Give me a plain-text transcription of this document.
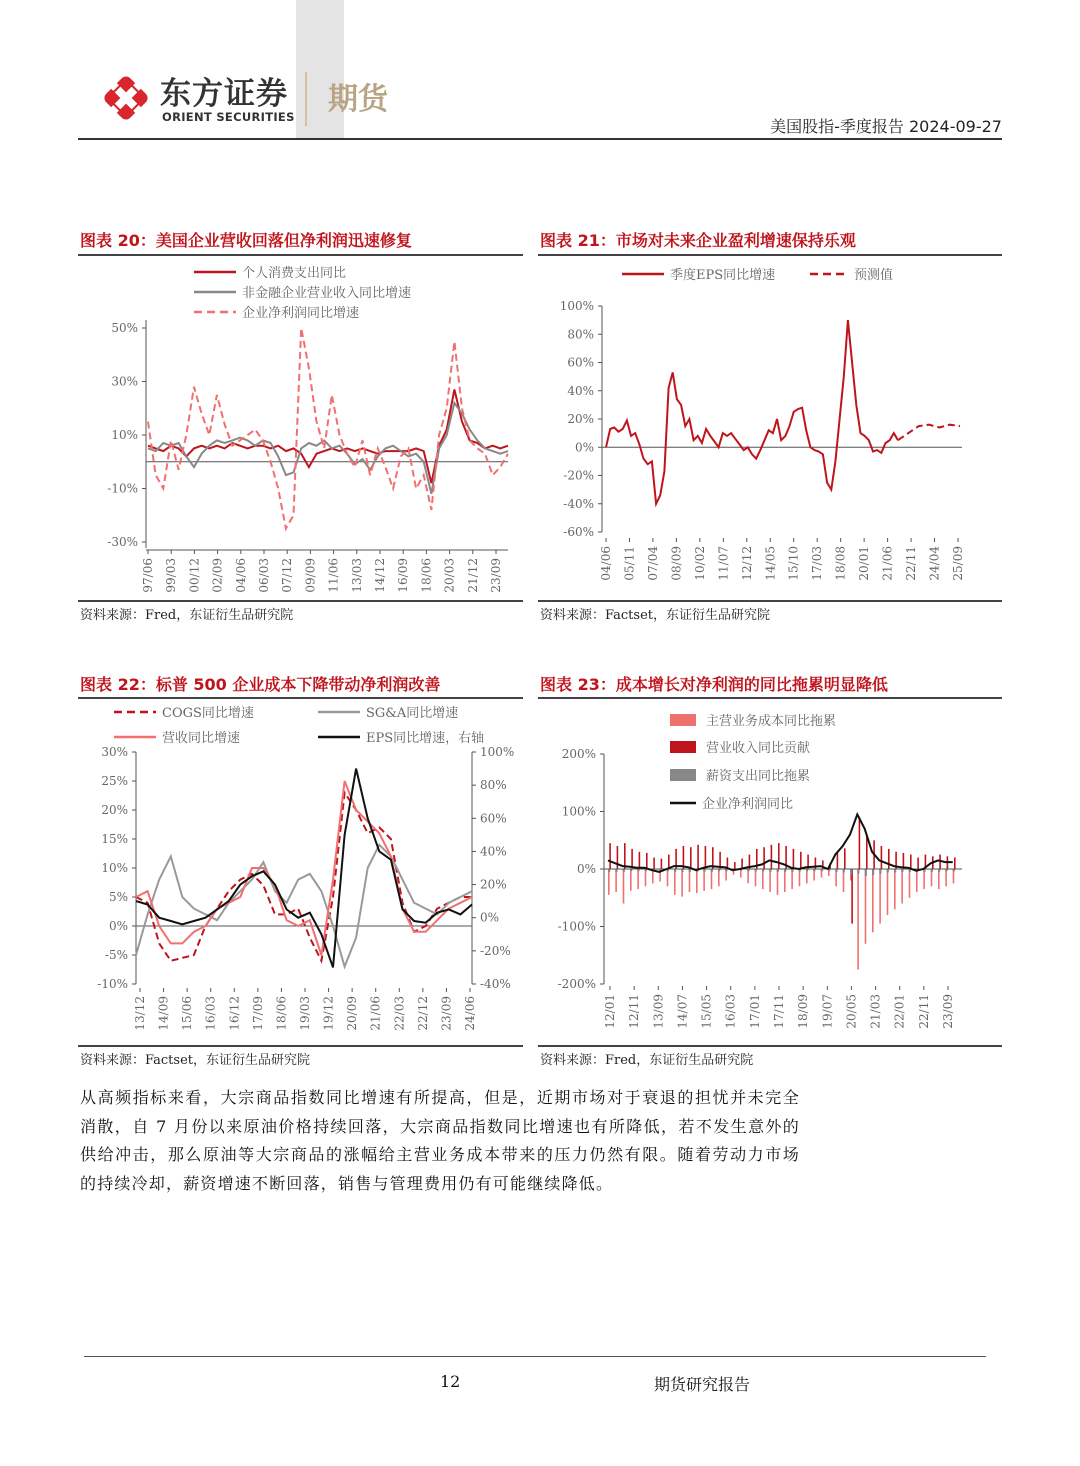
东方证券
ORIENT SECURITIES 期货
美国股指-季度报告 2024-09-27
图表 20：美国企业营收回落但净利润迅速修复	图表 21：市场对未来企业盈利增速保持乐观
资料来源：Fred，东证衍生品研究院	资料来源：Factset，东证衍生品研究院
图表 22：标普 500 企业成本下降带动净利润改善	图表 23：成本增长对净利润的同比拖累明显降低
资料来源：Factset，东证衍生品研究院	资料来源：Fred，东证衍生品研究院
50%
30%
10%
-10%
-30%
97/06 99/03 00/12 02/09 04/06 06/03 07/12 09/09 11/06 13/03 14/12 16/09 18/06 20/03 21/12 23/09
个人消费支出同比
非金融企业营业收入同比增速
企业净利润同比增速	100%
80%
60%
40%
20%
0%
-20%
-40%
-60%
04/06 05/11 07/04 08/09 10/02 11/07 12/12 14/05 15/10 17/03 18/08 20/01 21/06 22/11 24/04 25/09
季度EPS同比增速	预测值
30%
25%
20%
15%
10%
5%
0%
-5%
-10%
100%
80%
60%
40%
20%
0%
-20%
-40%
13/12 14/09 15/06 16/03 16/12 17/09 18/06 19/03 19/12 20/09 21/06 22/03 22/12 23/09 24/06
COGS同比增速	SG&A同比增速
营收同比增速	EPS同比增速，右轴
200%
100%
0%
-100%
-200%
12/01 12/11 13/09 14/07 15/05 16/03 17/01 17/11 18/09 19/07 20/05 21/03 22/01 22/11 23/09
主营业务成本同比拖累
营业收入同比贡献
薪资支出同比拖累
企业净利润同比
从高频指标来看，大宗商品指数同比增速有所提高，但是，近期市场对于衰退的担忧并未完全消散，自 7 月份以来原油价格持续回落，大宗商品指数同比增速也有所降低，若不发生意外的供给冲击，那么原油等大宗商品的涨幅给主营业务成本带来的压力仍然有限。随着劳动力市场的持续冷却，薪资增速不断回落，销售与管理费用仍有可能继续降低。
12	期货研究报告
